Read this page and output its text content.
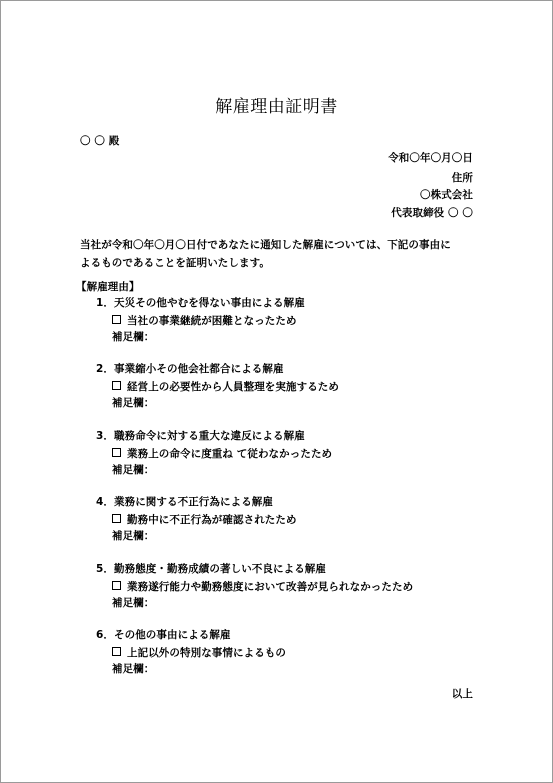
解雇理由証明書
〇 〇 殿
令和〇年〇月〇日
住所
〇株式会社
代表取締役 〇 〇
当社が令和〇年〇月〇日付であなたに通知した解雇については、下記の事由に
よるものであることを証明いたします。
【解雇理由】
1．天災その他やむを得ない事由による解雇
当社の事業継続が困難となったため
補足欄：
2．事業縮小その他会社都合による解雇
経営上の必要性から人員整理を実施するため
補足欄：
3．職務命令に対する重大な違反による解雇
業務上の命令に度重ね て従わなかったため
補足欄：
4．業務に関する不正行為による解雇
勤務中に不正行為が確認されたため
補足欄：
5．勤務態度・勤務成績の著しい不良による解雇
業務遂行能力や勤務態度において改善が見られなかったため
補足欄：
6．その他の事由による解雇
上記以外の特別な事情によるもの
補足欄：
以上
